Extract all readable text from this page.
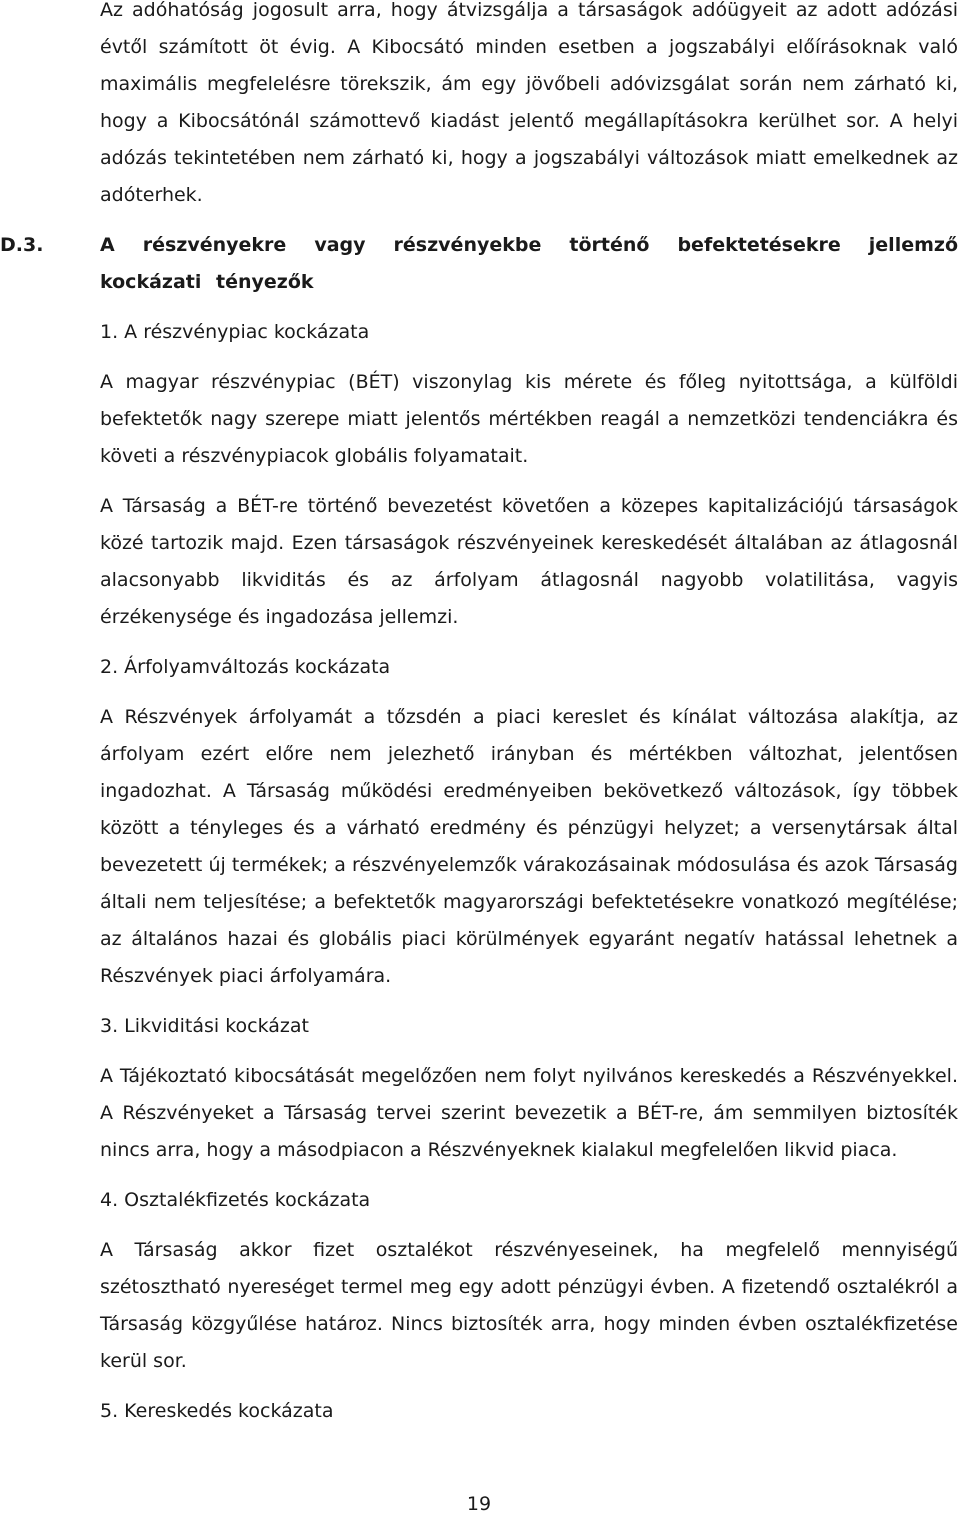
Az adóhatóság jogosult arra, hogy átvizsgálja a társaságok adóügyeit az adott adózási évtől számított öt évig. A Kibocsátó minden esetben a jogszabályi előírásoknak való maximális megfelelésre törekszik, ám egy jövőbeli adóvizsgálat során nem zárható ki, hogy a Kibocsátónál számottevő kiadást jelentő megállapításokra kerülhet sor. A helyi adózás tekintetében nem zárható ki, hogy a jogszabályi változások miatt emelkednek az adóterhek.

D.3.	A részvényekre vagy részvényekbe történő befektetésekre jellemző kockázati tényezők

1. A részvénypiac kockázata

A magyar részvénypiac (BÉT) viszonylag kis mérete és főleg nyitottsága, a külföldi befektetők nagy szerepe miatt jelentős mértékben reagál a nemzetközi tendenciákra és követi a részvénypiacok globális folyamatait.

A Társaság a BÉT-re történő bevezetést követően a közepes kapitalizációjú társaságok közé tartozik majd. Ezen társaságok részvényeinek kereskedését általában az átlagosnál alacsonyabb likviditás és az árfolyam átlagosnál nagyobb volatilitása, vagyis érzékenysége és ingadozása jellemzi.

2. Árfolyamváltozás kockázata

A Részvények árfolyamát a tőzsdén a piaci kereslet és kínálat változása alakítja, az árfolyam ezért előre nem jelezhető irányban és mértékben változhat, jelentősen ingadozhat. A Társaság működési eredményeiben bekövetkező változások, így többek között a tényleges és a várható eredmény és pénzügyi helyzet; a versenytársak által bevezetett új termékek; a részvényelemzők várakozásainak módosulása és azok Társaság általi nem teljesítése; a befektetők magyarországi befektetésekre vonatkozó megítélése; az általános hazai és globális piaci körülmények egyaránt negatív hatással lehetnek a Részvények piaci árfolyamára.

3. Likviditási kockázat

A Tájékoztató kibocsátását megelőzően nem folyt nyilvános kereskedés a Részvényekkel. A Részvényeket a Társaság tervei szerint bevezetik a BÉT-re, ám semmilyen biztosíték nincs arra, hogy a másodpiacon a Részvényeknek kialakul megfelelően likvid piaca.

4. Osztalékfizetés kockázata

A Társaság akkor fizet osztalékot részvényeseinek, ha megfelelő mennyiségű szétosztható nyereséget termel meg egy adott pénzügyi évben. A fizetendő osztalékról a Társaság közgyűlése határoz. Nincs biztosíték arra, hogy minden évben osztalékfizetése kerül sor.

5. Kereskedés kockázata

19
